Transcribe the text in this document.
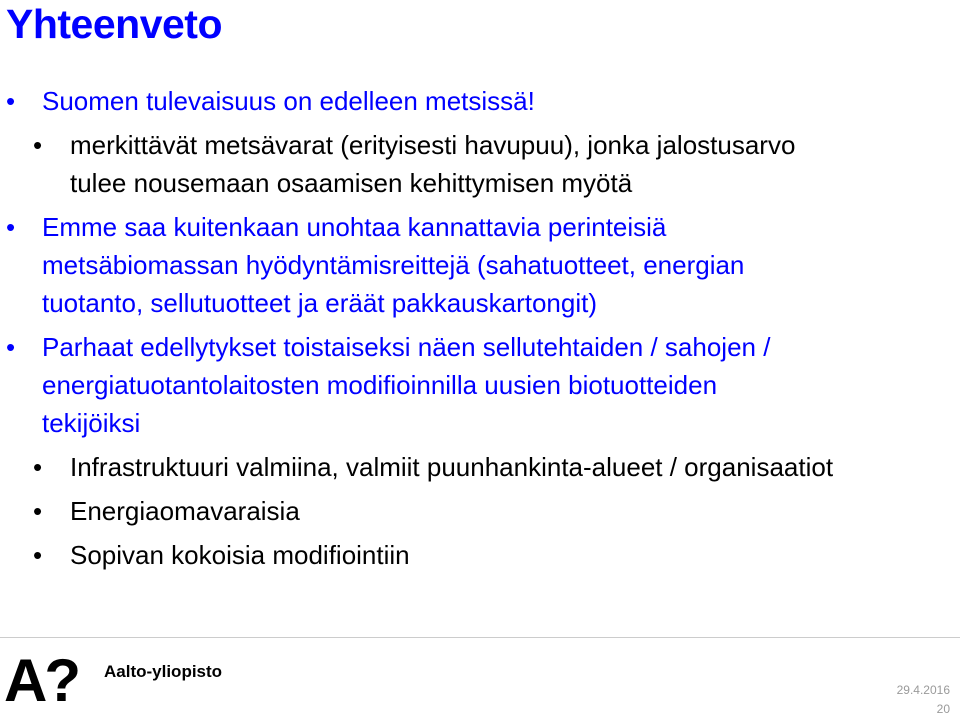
Yhteenveto
• Suomen tulevaisuus on edelleen metsissä!
• merkittävät metsävarat (erityisesti havupuu), jonka jalostusarvo
tulee nousemaan osaamisen kehittymisen myötä
• Emme saa kuitenkaan unohtaa kannattavia perinteisiä
metsäbiomassan hyödyntämisreittejä (sahatuotteet, energian
tuotanto, sellutuotteet ja eräät pakkauskartongit)
• Parhaat edellytykset toistaiseksi näen sellutehtaiden / sahojen /
energiatuotantolaitosten modifioinnilla uusien biotuotteiden
tekijöiksi
• Infrastruktuuri valmiina, valmiit puunhankinta-alueet / organisaatiot
• Energiaomavaraisia
• Sopivan kokoisia modifiointiin
A? Aalto-yliopisto
29.4.2016
20
